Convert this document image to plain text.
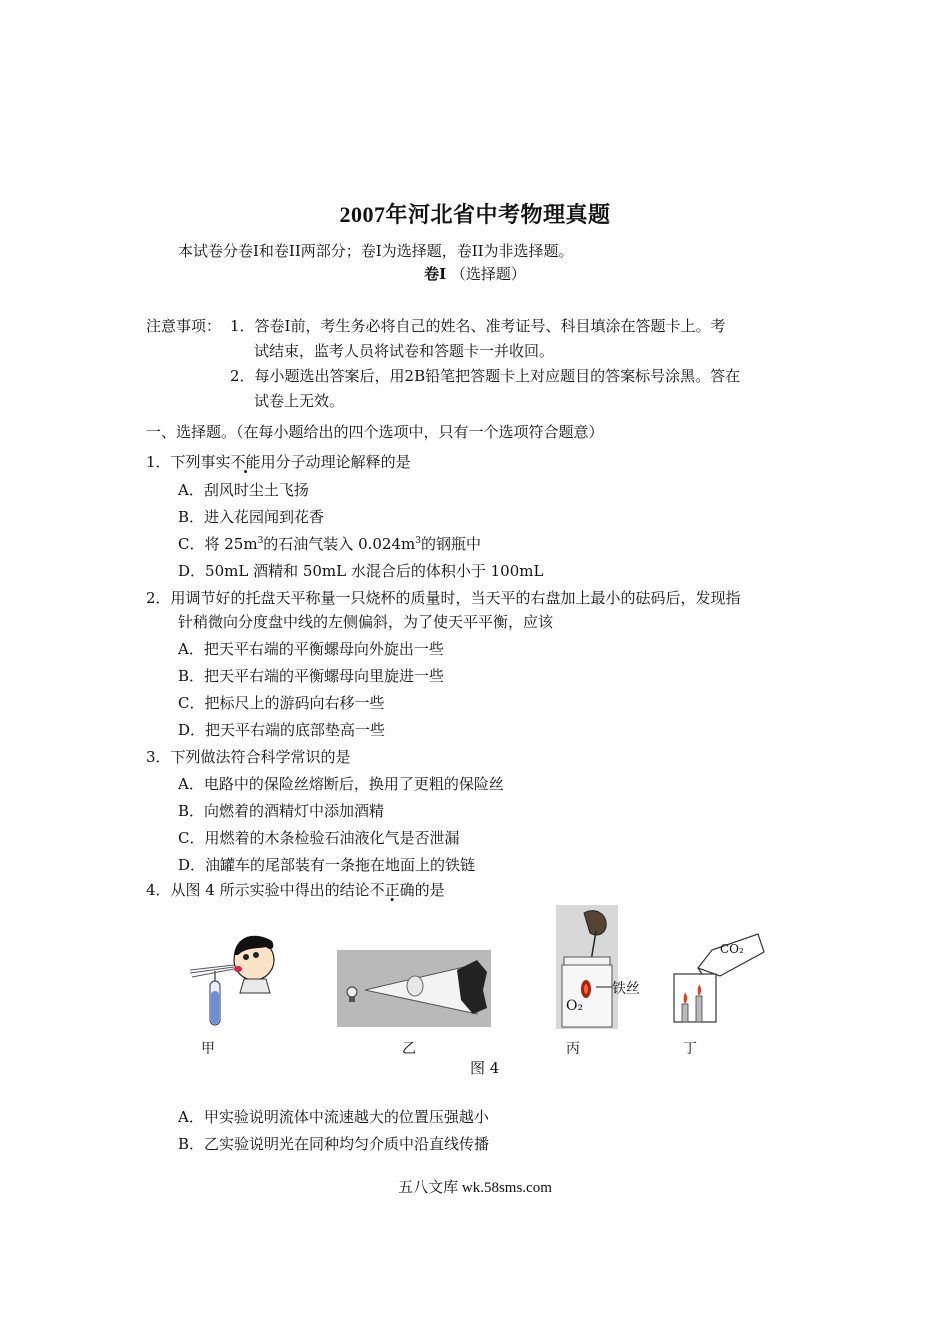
2007年河北省中考物理真题
本试卷分卷I和卷II两部分；卷I为选择题，卷II为非选择题。
卷Ⅰ （选择题）
注意事项： 1．答卷Ⅰ前，考生务必将自己的姓名、准考证号、科目填涂在答题卡上。考
试结束，监考人员将试卷和答题卡一并收回。
2．每小题选出答案后，用2B铅笔把答题卡上对应题目的答案标号涂黑。答在
试卷上无效。
一、选择题。（在每小题给出的四个选项中，只有一个选项符合题意）
1．下列事实不能用分子动理论解释的是
A．刮风时尘土飞扬
B．进入花园闻到花香
C．将 $25m^3$的石油气装入 $0.024m^3$的钢瓶中
D．50mL 酒精和 50mL 水混合后的体积小于 100mL
2．用调节好的托盘天平称量一只烧杯的质量时，当天平的右盘加上最小的砝码后，发现指
针稍微向分度盘中线的左侧偏斜，为了使天平平衡，应该
A．把天平右端的平衡螺母向外旋出一些
B．把天平右端的平衡螺母向里旋进一些
C．把标尺上的游码向右移一些
D．把天平右端的底部垫高一些
3．下列做法符合科学常识的是
A．电路中的保险丝熔断后，换用了更粗的保险丝
B．向燃着的酒精灯中添加酒精
C．用燃着的木条检验石油液化气是否泄漏
D．油罐车的尾部装有一条拖在地面上的铁链
4．从图 4 所示实验中得出的结论不正确的是
甲	乙
O₂
铁丝
丙
CO₂
丁
图 4
A．甲实验说明流体中流速越大的位置压强越小
B．乙实验说明光在同种均匀介质中沿直线传播
五八文库 wk.58sms.com
